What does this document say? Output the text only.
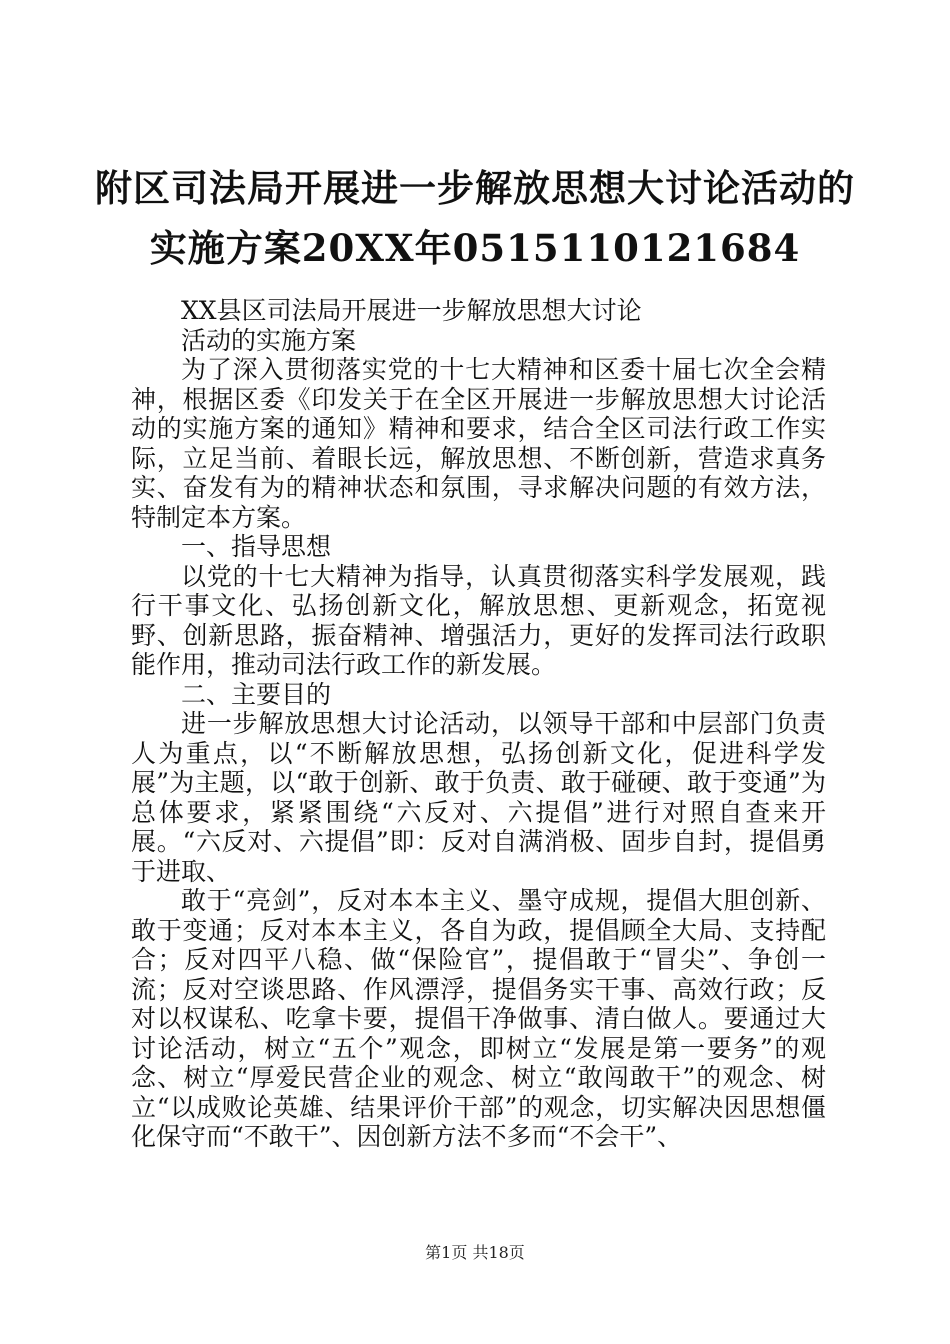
附区司法局开展进一步解放思想大讨论活动的
实施方案20XX年0515110121684

XX县区司法局开展进一步解放思想大讨论

活动的实施方案

为了深入贯彻落实党的十七大精神和区委十届七次全会精神，根据区委《印发关于在全区开展进一步解放思想大讨论活动的实施方案的通知》精神和要求，结合全区司法行政工作实际，立足当前、着眼长远，解放思想、不断创新，营造求真务实、奋发有为的精神状态和氛围，寻求解决问题的有效方法，特制定本方案。

一、指导思想

以党的十七大精神为指导，认真贯彻落实科学发展观，践行干事文化、弘扬创新文化，解放思想、更新观念，拓宽视野、创新思路，振奋精神、增强活力，更好的发挥司法行政职能作用，推动司法行政工作的新发展。

二、主要目的

进一步解放思想大讨论活动，以领导干部和中层部门负责人为重点，以“不断解放思想，弘扬创新文化，促进科学发展”为主题，以“敢于创新、敢于负责、敢于碰硬、敢于变通”为总体要求，紧紧围绕“六反对、六提倡”进行对照自查来开展。“六反对、六提倡”即：反对自满消极、固步自封，提倡勇于进取、

敢于“亮剑”，反对本本主义、墨守成规，提倡大胆创新、敢于变通；反对本本主义，各自为政，提倡顾全大局、支持配合；反对四平八稳、做“保险官”，提倡敢于“冒尖”、争创一流；反对空谈思路、作风漂浮，提倡务实干事、高效行政；反对以权谋私、吃拿卡要，提倡干净做事、清白做人。要通过大讨论活动，树立“五个”观念，即树立“发展是第一要务”的观念、树立“厚爱民营企业的观念、树立“敢闯敢干”的观念、树立“以成败论英雄、结果评价干部”的观念，切实解决因思想僵化保守而“不敢干”、因创新方法不多而“不会干”、

第1页 共18页
